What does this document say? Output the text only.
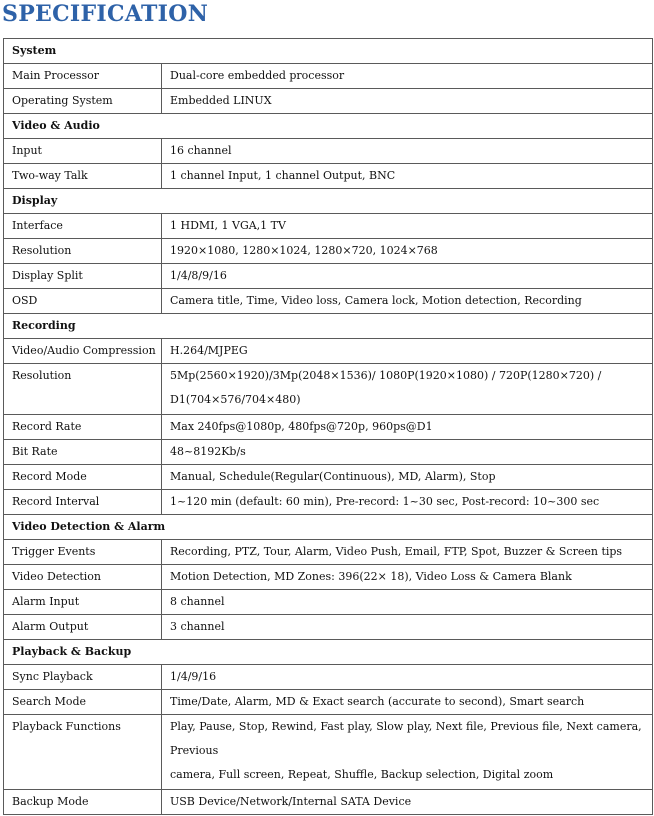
SPECIFICATION
System	
Main Processor	Dual-core embedded processor
Operating System	Embedded LINUX
Video & Audio	
Input	16 channel
Two-way Talk	1 channel Input, 1 channel Output, BNC
Display	
Interface	1 HDMI, 1 VGA,1 TV
Resolution	1920×1080, 1280×1024, 1280×720, 1024×768
Display Split	1/4/8/9/16
OSD	Camera title, Time, Video loss, Camera lock, Motion detection, Recording
Recording	
Video/Audio Compression	H.264/MJPEG
Resolution	5Mp(2560×1920)/3Mp(2048×1536)/ 1080P(1920×1080) / 720P(1280×720) /
D1(704×576/704×480)

Record Rate	Max 240fps@1080p, 480fps@720p, 960ps@D1
Bit Rate	48~8192Kb/s
Record Mode	Manual, Schedule(Regular(Continuous), MD, Alarm), Stop
Record Interval	1~120 min (default: 60 min), Pre-record: 1~30 sec, Post-record: 10~300 sec
Video Detection & Alarm	
Trigger Events	Recording, PTZ, Tour, Alarm, Video Push, Email, FTP, Spot, Buzzer & Screen tips
Video Detection	Motion Detection, MD Zones: 396(22× 18), Video Loss & Camera Blank
Alarm Input	8 channel
Alarm Output	3 channel
Playback & Backup	
Sync Playback	1/4/9/16
Search Mode	Time/Date, Alarm, MD & Exact search (accurate to second), Smart search
Playback Functions	Play, Pause, Stop, Rewind, Fast play, Slow play, Next file, Previous file, Next camera, Previous
camera, Full screen, Repeat, Shuffle, Backup selection, Digital zoom

Backup Mode	USB Device/Network/Internal SATA Device
